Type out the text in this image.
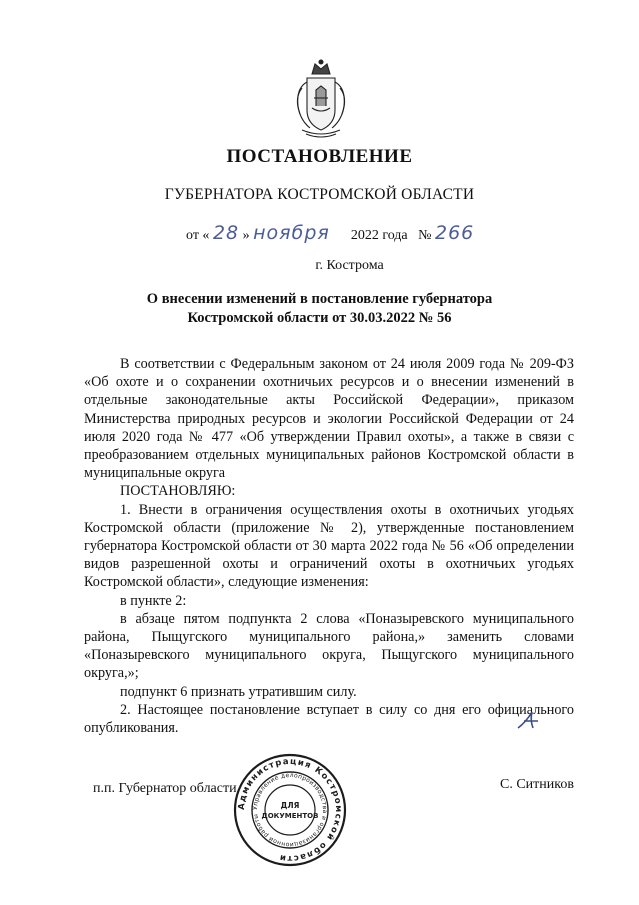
ПОСТАНОВЛЕНИЕ
ГУБЕРНАТОРА КОСТРОМСКОЙ ОБЛАСТИ
от « 28 » ноября 2022 года № 266
г. Кострома
О внесении изменений в постановление губернатора
Костромской области от 30.03.2022 № 56

В соответствии с Федеральным законом от 24 июля 2009 года № 209-ФЗ «Об охоте и о сохранении охотничьих ресурсов и о внесении изменений в отдельные законодательные акты Российской Федерации», приказом Министерства природных ресурсов и экологии Российской Федерации от 24 июля 2020 года № 477 «Об утверждении Правил охоты», а также в связи с преобразованием отдельных муниципальных районов Костромской области в муниципальные округа

ПОСТАНОВЛЯЮ:

1. Внести в ограничения осуществления охоты в охотничьих угодьях Костромской области (приложение № 2), утвержденные постановлением губернатора Костромской области от 30 марта 2022 года № 56 «Об определении видов разрешенной охоты и ограничений охоты в охотничьих угодьях Костромской области», следующие изменения:

в пункте 2:

в абзаце пятом подпункта 2 слова «Поназыревского муниципального района, Пыщугского муниципального района,» заменить словами «Поназыревского муниципального округа, Пыщугского муниципального округа,»;

подпункт 6 признать утратившим силу.

2. Настоящее постановление вступает в силу со дня его официального опубликования.

п.п. Губернатор области	С. Ситников
Администрация Костромской области
Управление делопроизводства и организационной работы
ДЛЯ
ДОКУМЕНТОВ
